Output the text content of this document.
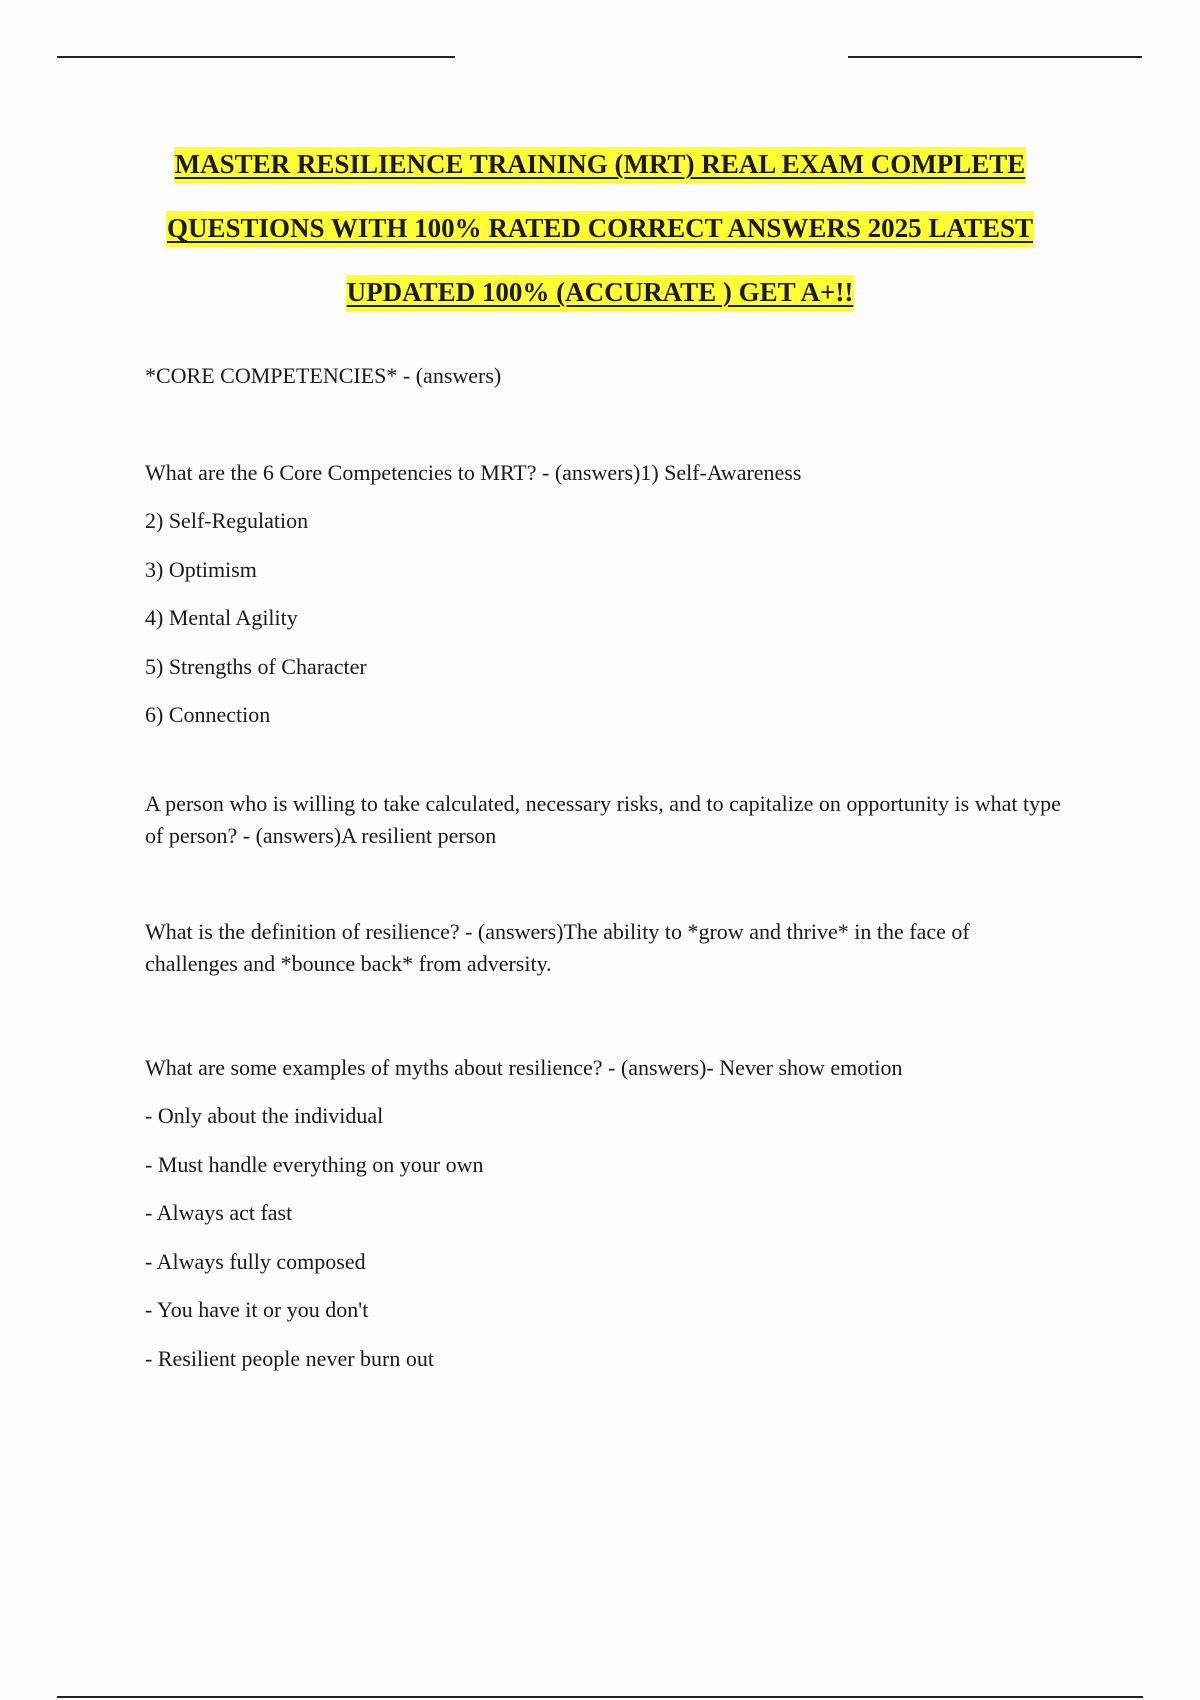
MASTER RESILIENCE TRAINING (MRT) REAL EXAM COMPLETE
QUESTIONS WITH 100% RATED CORRECT ANSWERS 2025 LATEST
UPDATED 100% (ACCURATE ) GET A+!!
*CORE COMPETENCIES* - (answers)
What are the 6 Core Competencies to MRT? - (answers)1) Self-Awareness
2) Self-Regulation
3) Optimism
4) Mental Agility
5) Strengths of Character
6) Connection
A person who is willing to take calculated, necessary risks, and to capitalize on opportunity is what type of person? - (answers)A resilient person
What is the definition of resilience? - (answers)The ability to *grow and thrive* in the face of challenges and *bounce back* from adversity.
What are some examples of myths about resilience? - (answers)- Never show emotion
- Only about the individual
- Must handle everything on your own
- Always act fast
- Always fully composed
- You have it or you don't
- Resilient people never burn out
